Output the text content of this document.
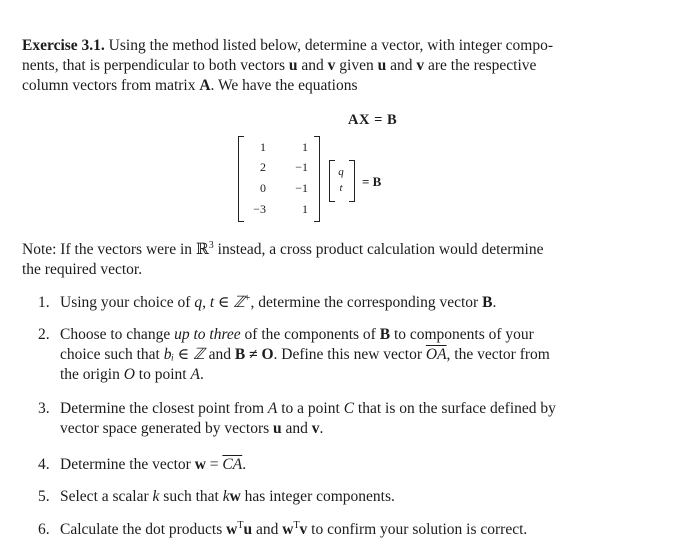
Exercise 3.1. Using the method listed below, determine a vector, with integer compo-
nents, that is perpendicular to both vectors u and v given u and v are the respective
column vectors from matrix A. We have the equations
AX = B
1	1
2	−1
0	−1
−3	1
q
t	= B
Note: If the vectors were in ℝ$^3$ instead, a cross product calculation would determine
the required vector.
1. Using your choice of q, t ∈ ℤ+, determine the corresponding vector B.
2. Choose to change up to three of the components of B to components of your
choice such that bᵢ ∈ ℤ and B ≠ O. Define this new vector $\overline{OA}$, the vector from
the origin O to point A.
3. Determine the closest point from A to a point C that is on the surface defined by
vector space generated by vectors u and v.
4. Determine the vector $w = \overline{CA}$.
5. Select a scalar k such that kw has integer components.
6. Calculate the dot products $w^Tu$ and $w^Tv$ to confirm your solution is correct.
